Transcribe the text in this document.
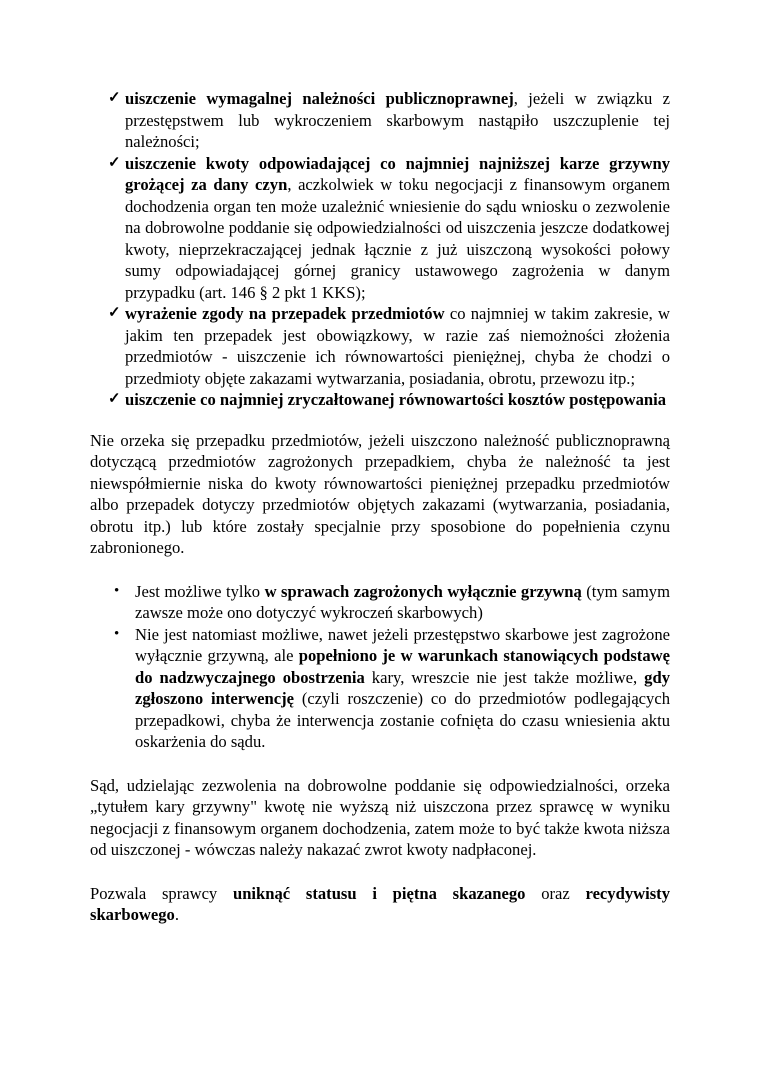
✓ uiszczenie wymagalnej należności publicznoprawnej, jeżeli w związku z przestępstwem lub wykroczeniem skarbowym nastąpiło uszczuplenie tej należności;
✓ uiszczenie kwoty odpowiadającej co najmniej najniższej karze grzywny grożącej za dany czyn, aczkolwiek w toku negocjacji z finansowym organem dochodzenia organ ten może uzależnić wniesienie do sądu wniosku o zezwolenie na dobrowolne poddanie się odpowiedzialności od uiszczenia jeszcze dodatkowej kwoty, nieprzekraczającej jednak łącznie z już uiszczoną wysokości połowy sumy odpowiadającej górnej granicy ustawowego zagrożenia w danym przypadku (art. 146 § 2 pkt 1 KKS);
✓ wyrażenie zgody na przepadek przedmiotów co najmniej w takim zakresie, w jakim ten przepadek jest obowiązkowy, w razie zaś niemożności złożenia przedmiotów - uiszczenie ich równowartości pieniężnej, chyba że chodzi o przedmioty objęte zakazami wytwarzania, posiadania, obrotu, przewozu itp.;
✓ uiszczenie co najmniej zryczałtowanej równowartości kosztów postępowania

Nie orzeka się przepadku przedmiotów, jeżeli uiszczono należność publicznoprawną dotyczącą przedmiotów zagrożonych przepadkiem, chyba że należność ta jest niewspółmiernie niska do kwoty równowartości pieniężnej przepadku przedmiotów albo przepadek dotyczy przedmiotów objętych zakazami (wytwarzania, posiadania, obrotu itp.) lub które zostały specjalnie przy sposobione do popełnienia czynu zabronionego.

• Jest możliwe tylko w sprawach zagrożonych wyłącznie grzywną (tym samym zawsze może ono dotyczyć wykroczeń skarbowych)
• Nie jest natomiast możliwe, nawet jeżeli przestępstwo skarbowe jest zagrożone wyłącznie grzywną, ale popełniono je w warunkach stanowiących podstawę do nadzwyczajnego obostrzenia kary, wreszcie nie jest także możliwe, gdy zgłoszono interwencję (czyli roszczenie) co do przedmiotów podlegających przepadkowi, chyba że interwencja zostanie cofnięta do czasu wniesienia aktu oskarżenia do sądu.

Sąd, udzielając zezwolenia na dobrowolne poddanie się odpowiedzialności, orzeka „tytułem kary grzywny" kwotę nie wyższą niż uiszczona przez sprawcę w wyniku negocjacji z finansowym organem dochodzenia, zatem może to być także kwota niższa od uiszczonej - wówczas należy nakazać zwrot kwoty nadpłaconej.

Pozwala sprawcy uniknąć statusu i piętna skazanego oraz recydywisty skarbowego.
